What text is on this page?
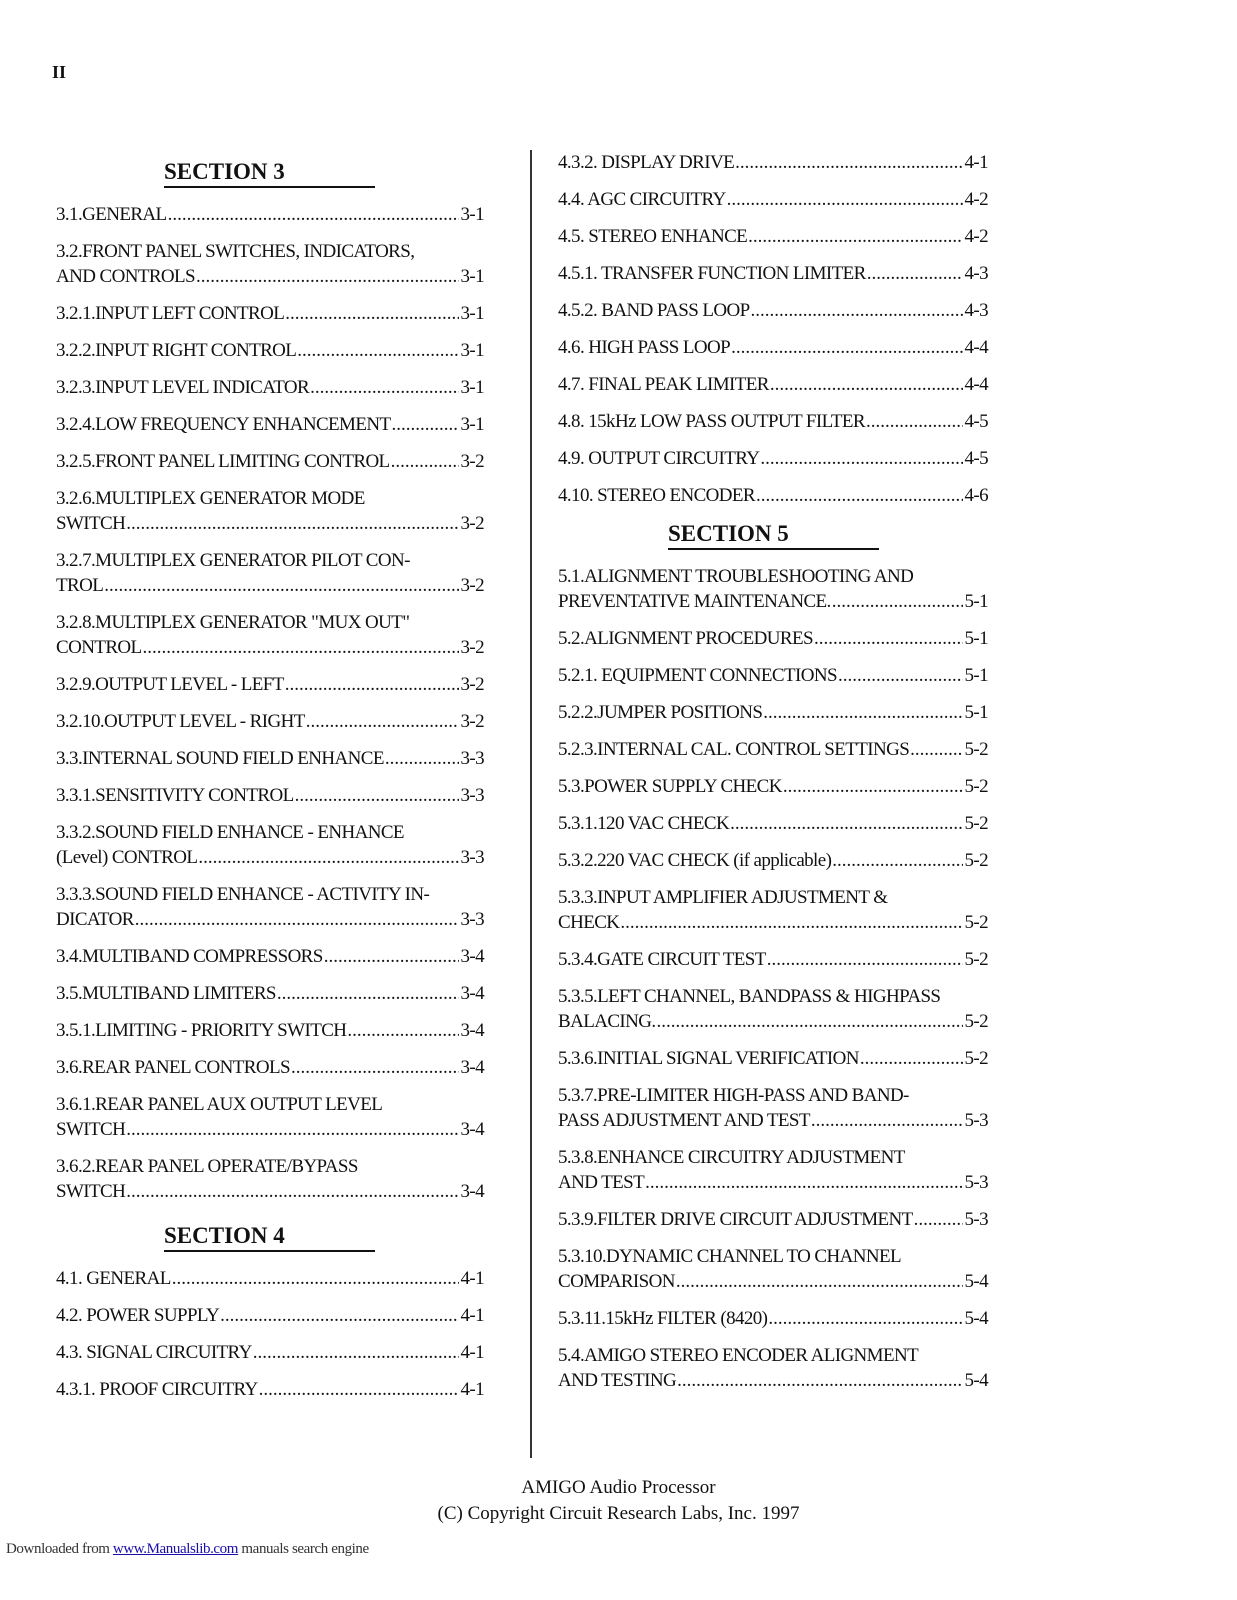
II
SECTION 3
3.1.GENERAL .....	3-1
3.2.FRONT PANEL SWITCHES, INDICATORS,
AND CONTROLS .....	3-1
3.2.1.INPUT LEFT CONTROL .....	3-1
3.2.2.INPUT RIGHT CONTROL .....	3-1
3.2.3.INPUT LEVEL INDICATOR .....	3-1
3.2.4.LOW FREQUENCY ENHANCEMENT .....	3-1
3.2.5.FRONT PANEL LIMITING CONTROL .....	3-2
3.2.6.MULTIPLEX GENERATOR MODE
SWITCH .....	3-2
3.2.7.MULTIPLEX GENERATOR PILOT CON-
TROL .....	3-2
3.2.8.MULTIPLEX GENERATOR "MUX OUT"
CONTROL .....	3-2
3.2.9.OUTPUT LEVEL - LEFT .....	3-2
3.2.10.OUTPUT LEVEL - RIGHT .....	3-2
3.3.INTERNAL SOUND FIELD ENHANCE .....	3-3
3.3.1.SENSITIVITY CONTROL .....	3-3
3.3.2.SOUND FIELD ENHANCE - ENHANCE
(Level) CONTROL .....	3-3
3.3.3.SOUND FIELD ENHANCE - ACTIVITY IN-
DICATOR .....	3-3
3.4.MULTIBAND COMPRESSORS .....	3-4
3.5.MULTIBAND LIMITERS .....	3-4
3.5.1.LIMITING - PRIORITY SWITCH .....	3-4
3.6.REAR PANEL CONTROLS .....	3-4
3.6.1.REAR PANEL AUX OUTPUT LEVEL
SWITCH .....	3-4
3.6.2.REAR PANEL OPERATE/BYPASS
SWITCH .....	3-4
SECTION 4
4.1. GENERAL .....	4-1
4.2. POWER SUPPLY .....	4-1
4.3. SIGNAL CIRCUITRY .....	4-1
4.3.1. PROOF CIRCUITRY .....	4-1
4.3.2. DISPLAY DRIVE .....	4-1
4.4. AGC CIRCUITRY .....	4-2
4.5. STEREO ENHANCE .....	4-2
4.5.1. TRANSFER FUNCTION LIMITER .....	4-3
4.5.2. BAND PASS LOOP .....	4-3
4.6. HIGH PASS LOOP .....	4-4
4.7. FINAL PEAK LIMITER .....	4-4
4.8. 15kHz LOW PASS OUTPUT FILTER .....	4-5
4.9. OUTPUT CIRCUITRY .....	4-5
4.10. STEREO ENCODER .....	4-6
SECTION 5
5.1.ALIGNMENT TROUBLESHOOTING AND
PREVENTATIVE MAINTENANCE. .....	5-1
5.2.ALIGNMENT PROCEDURES .....	5-1
5.2.1. EQUIPMENT CONNECTIONS .....	5-1
5.2.2.JUMPER POSITIONS .....	5-1
5.2.3.INTERNAL CAL. CONTROL SETTINGS .....	5-2
5.3.POWER SUPPLY CHECK .....	5-2
5.3.1.120 VAC CHECK .....	5-2
5.3.2.220 VAC CHECK (if applicable) .....	5-2
5.3.3.INPUT AMPLIFIER ADJUSTMENT &
CHECK .....	5-2
5.3.4.GATE CIRCUIT TEST .....	5-2
5.3.5.LEFT CHANNEL, BANDPASS & HIGHPASS
BALACING. .....	5-2
5.3.6.INITIAL SIGNAL VERIFICATION .....	5-2
5.3.7.PRE-LIMITER HIGH-PASS AND BAND-
PASS ADJUSTMENT AND TEST .....	5-3
5.3.8.ENHANCE CIRCUITRY ADJUSTMENT
AND TEST .....	5-3
5.3.9.FILTER DRIVE CIRCUIT ADJUSTMENT .....	5-3
5.3.10.DYNAMIC CHANNEL TO CHANNEL
COMPARISON .....	5-4
5.3.11.15kHz FILTER (8420) .....	5-4
5.4.AMIGO STEREO ENCODER ALIGNMENT
AND TESTING .....	5-4
AMIGO Audio Processor
(C) Copyright Circuit Research Labs, Inc. 1997
Downloaded from www.Manualslib.com manuals search engine
